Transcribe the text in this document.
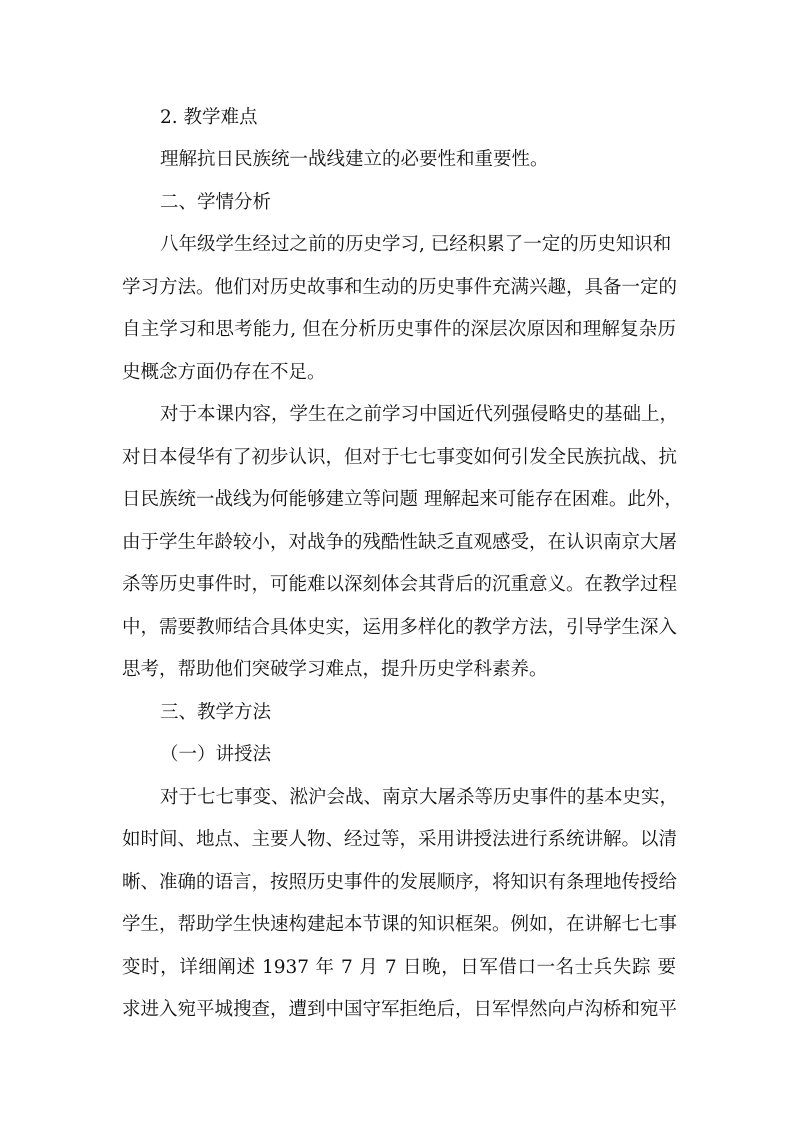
2. 教学难点

理解抗日民族统一战线建立的必要性和重要性。

二、学情分析

八年级学生经过之前的历史学习, 已经积累了一定的历史知识和

学习方法。他们对历史故事和生动的历史事件充满兴趣，具备一定的

自主学习和思考能力, 但在分析历史事件的深层次原因和理解复杂历

史概念方面仍存在不足。

对于本课内容，学生在之前学习中国近代列强侵略史的基础上，

对日本侵华有了初步认识，但对于七七事变如何引发全民族抗战、抗

日民族统一战线为何能够建立等问题 理解起来可能存在困难。此外，

由于学生年龄较小，对战争的残酷性缺乏直观感受，在认识南京大屠

杀等历史事件时，可能难以深刻体会其背后的沉重意义。在教学过程

中，需要教师结合具体史实，运用多样化的教学方法，引导学生深入

思考，帮助他们突破学习难点，提升历史学科素养。

三、教学方法

（一）讲授法

对于七七事变、淞沪会战、南京大屠杀等历史事件的基本史实，

如时间、地点、主要人物、经过等，采用讲授法进行系统讲解。以清

晰、准确的语言，按照历史事件的发展顺序，将知识有条理地传授给

学生，帮助学生快速构建起本节课的知识框架。例如，在讲解七七事

变时，详细阐述 1937 年 7 月 7 日晚，日军借口一名士兵失踪 要

求进入宛平城搜查，遭到中国守军拒绝后，日军悍然向卢沟桥和宛平
